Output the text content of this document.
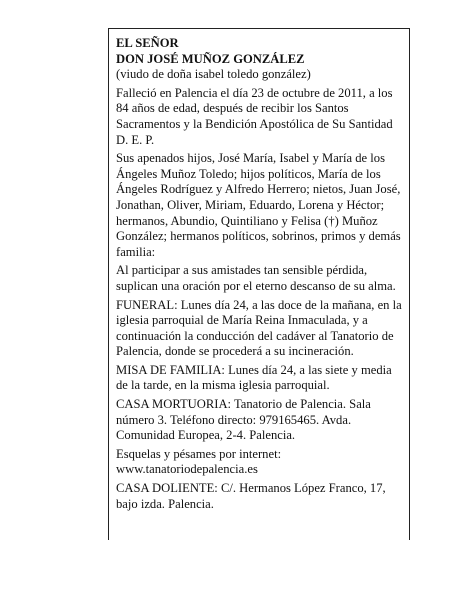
EL SEÑOR

DON JOSÉ MUÑOZ GONZÁLEZ

(viudo de doña isabel toledo gonzález)

Falleció en Palencia el día 23 de octubre de 2011, a los 84 años de edad, después de recibir los Santos Sacramentos y la Bendición Apostólica de Su Santidad D. E. P.

Sus apenados hijos, José María, Isabel y María de los Ángeles Muñoz Toledo; hijos políticos, María de los Ángeles Rodríguez y Alfredo Herrero; nietos, Juan José, Jonathan, Oliver, Miriam, Eduardo, Lorena y Héctor; hermanos, Abundio, Quintiliano y Felisa (†) Muñoz González; hermanos políticos, sobrinos, primos y demás familia:

Al participar a sus amistades tan sensible pérdida, suplican una oración por el eterno descanso de su alma.

FUNERAL: Lunes día 24, a las doce de la mañana, en la iglesia parroquial de María Reina Inmaculada, y a continuación la conducción del cadáver al Tanatorio de Palencia, donde se procederá a su incineración.

MISA DE FAMILIA: Lunes día 24, a las siete y media de la tarde, en la misma iglesia parroquial.

CASA MORTUORIA: Tanatorio de Palencia. Sala número 3. Teléfono directo: 979165465. Avda. Comunidad Europea, 2-4. Palencia.

Esquelas y pésames por internet:

www.tanatoriodepalencia.es

CASA DOLIENTE: C/. Hermanos López Franco, 17, bajo izda. Palencia.
